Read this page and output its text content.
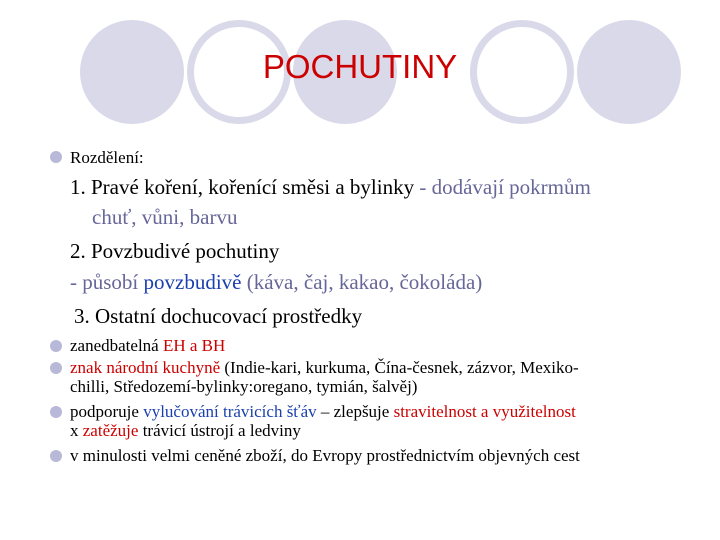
POCHUTINY
Rozdělení:
1. Pravé koření, kořenící směsi a bylinky - dodávají pokrmům
chuť, vůni, barvu
2. Povzbudivé pochutiny
- působí povzbudivě (káva, čaj, kakao, čokoláda)
3. Ostatní dochucovací prostředky
zanedbatelná EH a BH
znak národní kuchyně (Indie-kari, kurkuma, Čína-česnek, zázvor, Mexiko-
chilli, Středozemí-bylinky:oregano, tymián, šalvěj)
podporuje vylučování trávicích šťáv – zlepšuje stravitelnost a využitelnost
x zatěžuje trávicí ústrojí a ledviny
v minulosti velmi ceněné zboží, do Evropy prostřednictvím objevných cest
